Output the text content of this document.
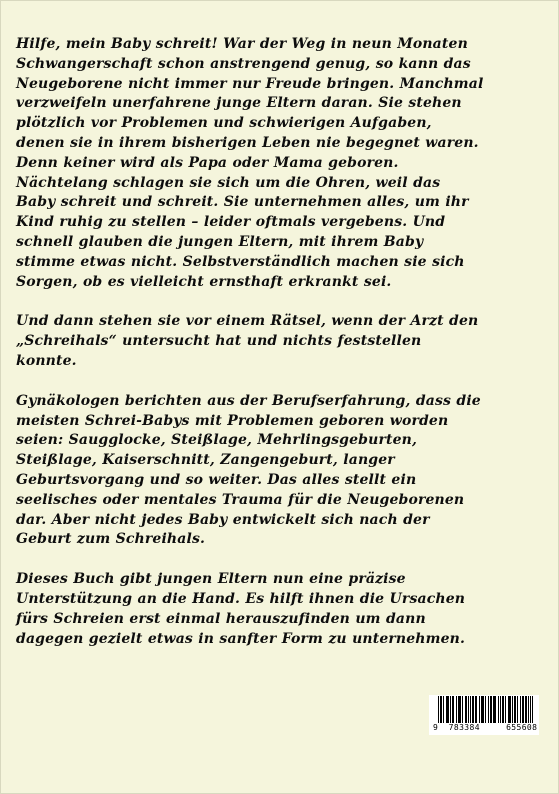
Hilfe, mein Baby schreit! War der Weg in neun Monaten
Schwangerschaft schon anstrengend genug, so kann das
Neugeborene nicht immer nur Freude bringen. Manchmal
verzweifeln unerfahrene junge Eltern daran. Sie stehen
plötzlich vor Problemen und schwierigen Aufgaben,
denen sie in ihrem bisherigen Leben nie begegnet waren.
Denn keiner wird als Papa oder Mama geboren.
Nächtelang schlagen sie sich um die Ohren, weil das
Baby schreit und schreit. Sie unternehmen alles, um ihr
Kind ruhig zu stellen – leider oftmals vergebens. Und
schnell glauben die jungen Eltern, mit ihrem Baby
stimme etwas nicht. Selbstverständlich machen sie sich
Sorgen, ob es vielleicht ernsthaft erkrankt sei.

Und dann stehen sie vor einem Rätsel, wenn der Arzt den
„Schreihals“ untersucht hat und nichts feststellen
konnte.

Gynäkologen berichten aus der Berufserfahrung, dass die
meisten Schrei-Babys mit Problemen geboren worden
seien: Saugglocke, Steißlage, Mehrlingsgeburten,
Steißlage, Kaiserschnitt, Zangengeburt, langer
Geburtsvorgang und so weiter. Das alles stellt ein
seelisches oder mentales Trauma für die Neugeborenen
dar. Aber nicht jedes Baby entwickelt sich nach der
Geburt zum Schreihals.

Dieses Buch gibt jungen Eltern nun eine präzise
Unterstützung an die Hand. Es hilft ihnen die Ursachen
fürs Schreien erst einmal herauszufinden um dann
dagegen gezielt etwas in sanfter Form zu unternehmen.

9 783384	655608
